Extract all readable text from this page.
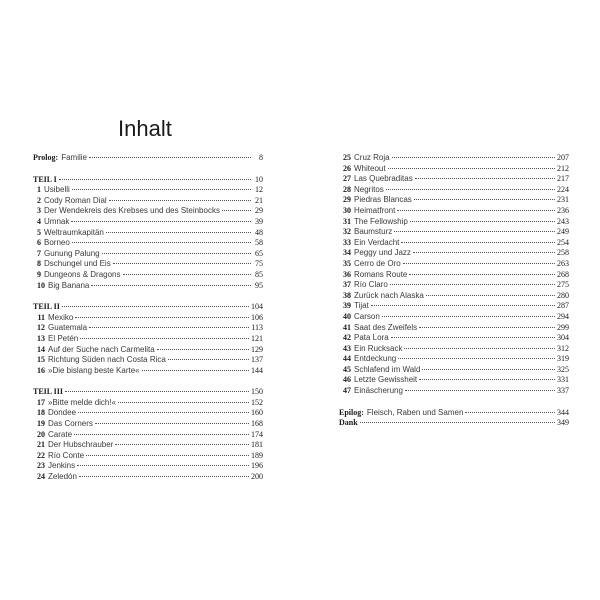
Inhalt
Prolog: Familie	8
TEIL I	10
1 Usibelli	12
2 Cody Roman Dial	21
3 Der Wendekreis des Krebses und des Steinbocks	29
4 Umnak	39
5 Weltraumkapitän	48
6 Borneo	58
7 Gunung Palung	65
8 Dschungel und Eis	75
9 Dungeons & Dragons	85
10 Big Banana	95
TEIL II	104
11 Mexiko	106
12 Guatemala	113
13 El Petén	121
14 Auf der Suche nach Carmelita	129
15 Richtung Süden nach Costa Rica	137
16 »Die bislang beste Karte«	144
TEIL III	150
17 »Bitte melde dich!«	152
18 Dondee	160
19 Das Corners	168
20 Carate	174
21 Der Hubschrauber	181
22 Río Conte	189
23 Jenkins	196
24 Zeledón	200
25 Cruz Roja	207
26 Whiteout	212
27 Las Quebraditas	217
28 Negritos	224
29 Piedras Blancas	231
30 Heimatfront	236
31 The Fellowship	243
32 Baumsturz	249
33 Ein Verdacht	254
34 Peggy und Jazz	258
35 Cerro de Oro	263
36 Romans Route	268
37 Río Claro	275
38 Zurück nach Alaska	280
39 Tijat	287
40 Carson	294
41 Saat des Zweifels	299
42 Pata Lora	304
43 Ein Rucksack	312
44 Entdeckung	319
45 Schlafend im Wald	325
46 Letzte Gewissheit	331
47 Einäscherung	337
Epilog: Fleisch, Raben und Samen	344
Dank	349
